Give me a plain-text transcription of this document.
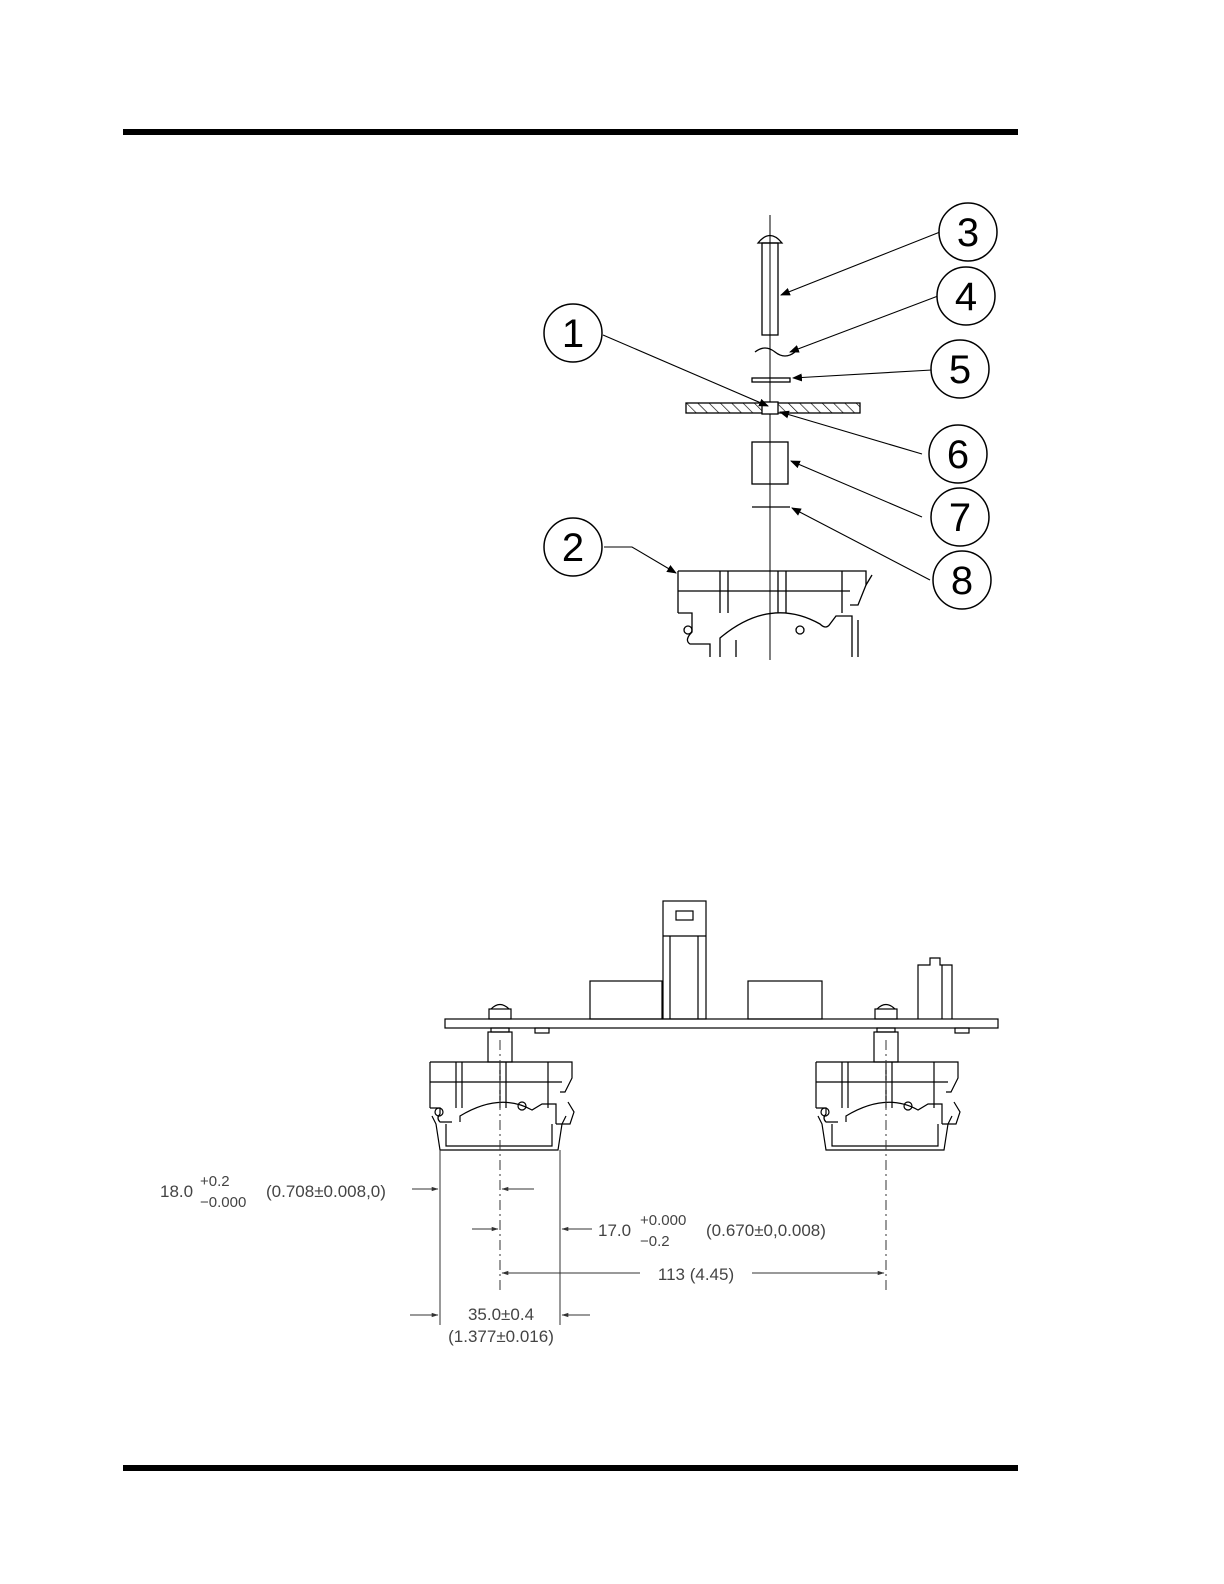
1
2
3
4
5
6
7
8
18.0
+0.2
−0.000
(0.708±0.008,0)
17.0
+0.000
−0.2
(0.670±0,0.008)
113 (4.45)
35.0±0.4
(1.377±0.016)
